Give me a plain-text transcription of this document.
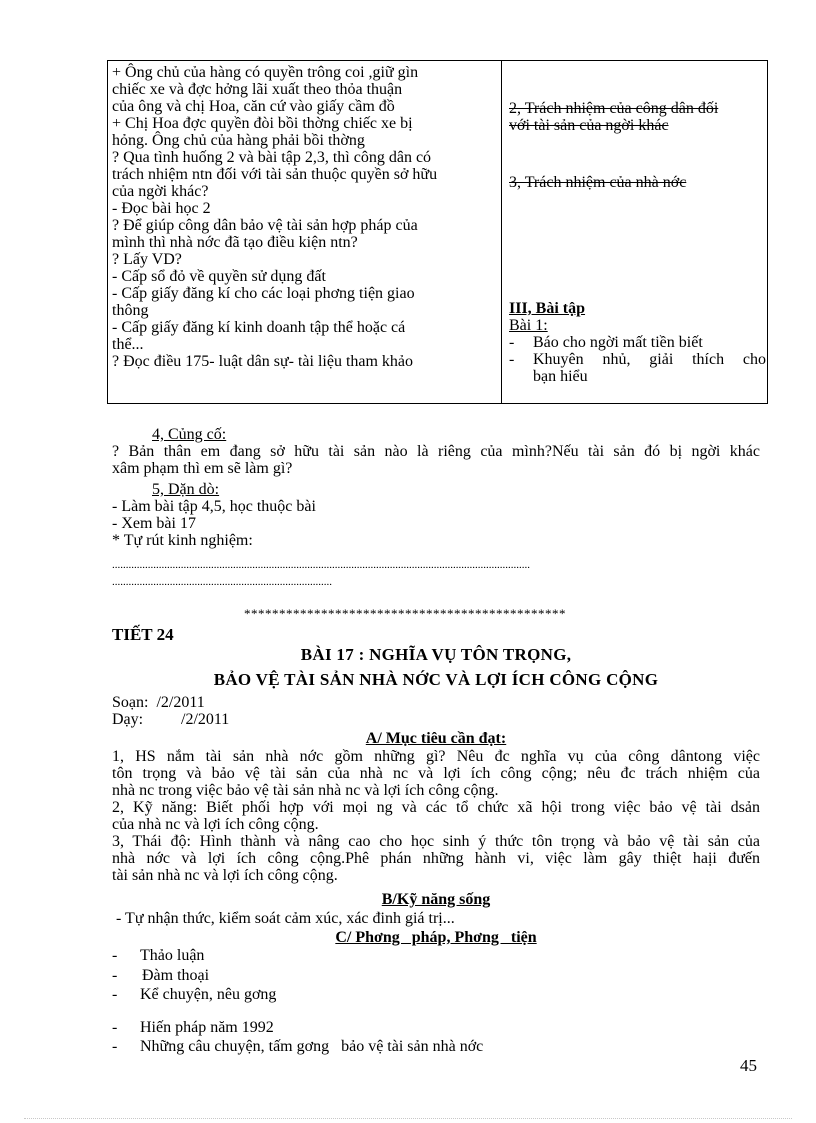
+ Ông chủ của hàng có quyền trông coi ,giữ gìn
chiếc xe và đợc hởng lãi xuất theo thỏa thuận
của ông và chị Hoa, căn cứ vào giấy cầm đồ
+ Chị Hoa đợc quyền đòi bồi thờng chiếc xe bị
hỏng. Ông chủ của hàng phải bồi thờng
? Qua tình huống 2 và bài tập 2,3, thì công dân có
trách nhiệm ntn đối với tài sản thuộc quyền sở hữu
của ngời khác?
- Đọc bài học 2
? Để giúp công dân bảo vệ tài sản hợp pháp của
mình thì nhà nớc đã tạo điều kiện ntn?
? Lấy VD?
- Cấp sổ đỏ về quyền sử dụng đất
- Cấp giấy đăng kí cho các loại phơng tiện giao
thông
- Cấp giấy đăng kí kinh doanh tập thể hoặc cá
thể...
? Đọc điều 175- luật dân sự- tài liệu tham khảo
2, Trách nhiệm của công dân đối
với tài sản của ngời khác
3, Trách nhiệm của nhà nớc
III, Bài tập
Bài 1:
- Báo cho ngời mất tiền biết
- Khuyên nhủ, giải thích cho
bạn hiểu
4, Củng cố:
? Bản thân em đang sở hữu tài sản nào là riêng của mình?Nếu tài sản đó bị ngời khác
xâm phạm thì em sẽ làm gì?
5, Dặn dò:
- Làm bài tập 4,5, học thuộc bài
- Xem bài 17
* Tự rút kinh nghiệm:
........................................................................................................................................................
................................................................................
**********************************************
TIẾT 24
BÀI 17 : NGHĨA VỤ TÔN TRỌNG,
BẢO VỆ TÀI SẢN NHÀ NỚC VÀ LỢI ÍCH CÔNG CỘNG
Soạn:  /2/2011
Dạy: /2/2011
A/ Mục tiêu cần đạt:
1, HS nắm tài sản nhà nớc gồm những gì? Nêu đc nghĩa vụ của công dântong việc
tôn trọng và bảo vệ tài sản của nhà nc và lợi ích công cộng; nêu đc trách nhiệm của
nhà nc trong việc bảo vệ tài sản nhà nc và lợi ích công cộng.
2, Kỹ năng: Biết phối hợp với mọi ng và các tổ chức xã hội trong việc bảo vệ tài dsản
của nhà nc và lợi ích công cộng.
3, Thái độ: Hình thành và nâng cao cho học sinh ý thức tôn trọng và bảo vệ tài sản của
nhà nớc và lợi ích công cộng.Phê phán những hành vi, việc làm gây thiệt haịi đưến
tài sản nhà nc và lợi ích công cộng.
B/Kỹ năng sống
- Tự nhận thức, kiểm soát cảm xúc, xác đinh giá trị...
C/ Phơng   pháp, Phơng   tiện
- Thảo luận
- Đàm thoại
- Kể chuyện, nêu gơng
- Hiến pháp năm 1992
- Những câu chuyện, tấm gơng   bảo vệ tài sản nhà nớc
45
